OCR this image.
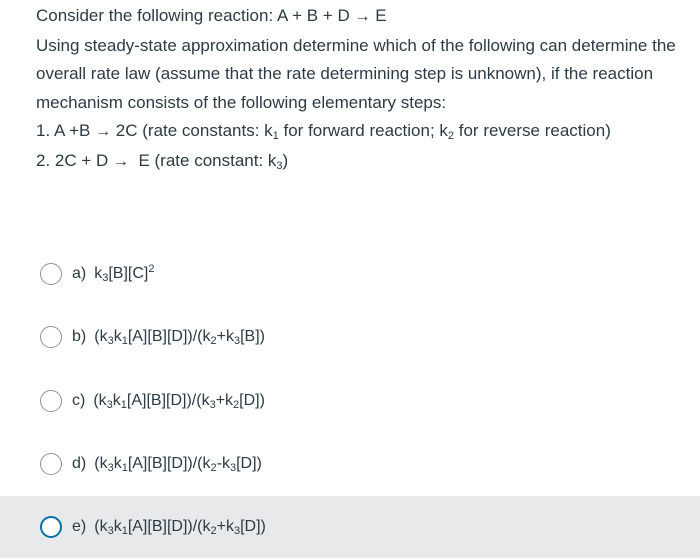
Consider the following reaction: A + B + D → E

Using steady-state approximation determine which of the following can determine the overall rate law (assume that the rate determining step is unknown), if the reaction mechanism consists of the following elementary steps:

1. A +B → 2C (rate constants: $k_1$ for forward reaction; $k_2$ for reverse reaction)

2. 2C + D →  E (rate constant: $k_3$)

a) $k_3[B][C]^2$
b) $(k_3k_1[A][B][D])/(k_2+k_3[B])$
c) $(k_3k_1[A][B][D])/(k_3+k_2[D])$
d) $(k_3k_1[A][B][D])/(k_2-k_3[D])$
e) $(k_3k_1[A][B][D])/(k_2+k_3[D])$
